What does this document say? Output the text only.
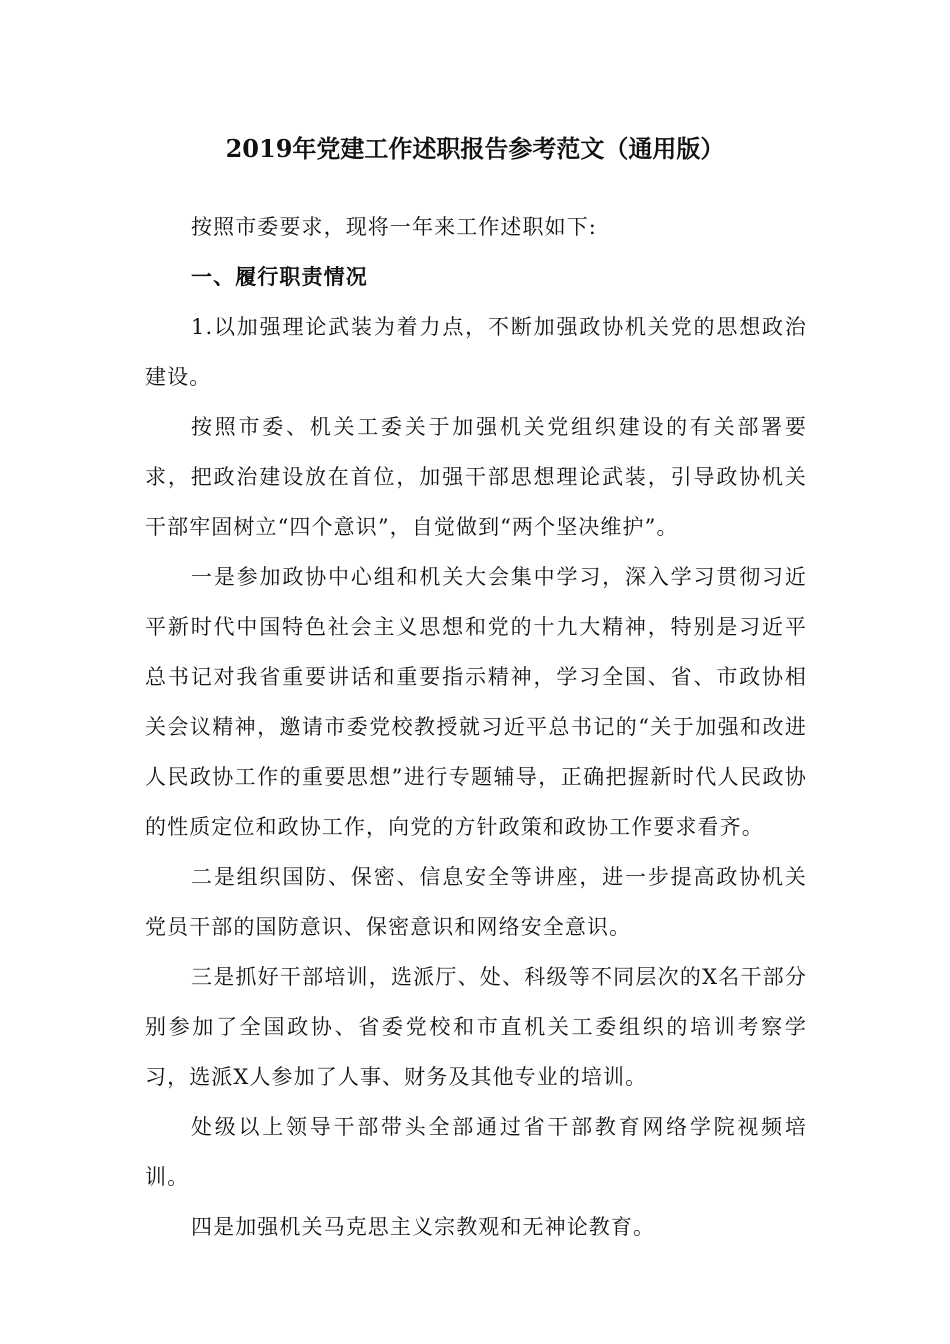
2019年党建工作述职报告参考范文（通用版）

按照市委要求，现将一年来工作述职如下:

一、履行职责情况

1.以加强理论武装为着力点，不断加强政协机关党的思想政治建设。

按照市委、机关工委关于加强机关党组织建设的有关部署要求，把政治建设放在首位，加强干部思想理论武装，引导政协机关干部牢固树立“四个意识”，自觉做到“两个坚决维护”。

一是参加政协中心组和机关大会集中学习，深入学习贯彻习近平新时代中国特色社会主义思想和党的十九大精神，特别是习近平总书记对我省重要讲话和重要指示精神，学习全国、省、市政协相关会议精神，邀请市委党校教授就习近平总书记的“关于加强和改进人民政协工作的重要思想”进行专题辅导，正确把握新时代人民政协的性质定位和政协工作，向党的方针政策和政协工作要求看齐。

二是组织国防、保密、信息安全等讲座，进一步提高政协机关党员干部的国防意识、保密意识和网络安全意识。

三是抓好干部培训，选派厅、处、科级等不同层次的X名干部分别参加了全国政协、省委党校和市直机关工委组织的培训考察学习，选派X人参加了人事、财务及其他专业的培训。

处级以上领导干部带头全部通过省干部教育网络学院视频培训。

四是加强机关马克思主义宗教观和无神论教育。
